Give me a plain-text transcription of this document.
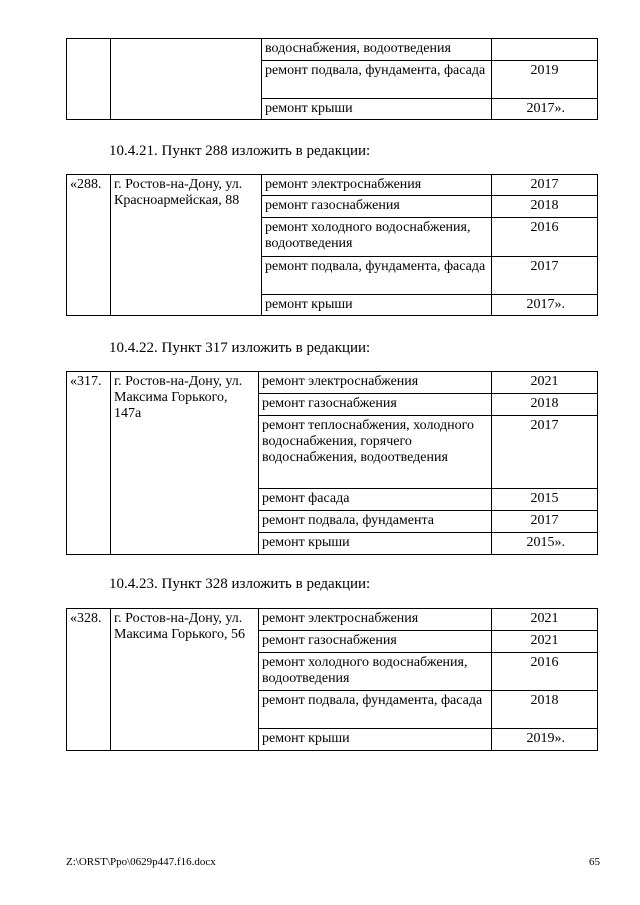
		водоснабжения, водоотведения	
		ремонт подвала, фундамента, фасада	2019
		ремонт крыши	2017».
10.4.21. Пункт 288 изложить в редакции:
«288.	г. Ростов-на-Дону, ул. Красноармейская, 88	ремонт электроснабжения	2017
		ремонт газоснабжения	2018
		ремонт холодного водоснабжения, водоотведения	2016
		ремонт подвала, фундамента, фасада	2017
		ремонт крыши	2017».
10.4.22. Пункт 317 изложить в редакции:
«317.	г. Ростов-на-Дону, ул. Максима Горького, 147а	ремонт электроснабжения	2021
		ремонт газоснабжения	2018
		ремонт теплоснабжения, холодного водоснабжения, горячего водоснабжения, водоотведения	2017
		ремонт фасада	2015
		ремонт подвала, фундамента	2017
		ремонт крыши	2015».
10.4.23. Пункт 328 изложить в редакции:
«328.	г. Ростов-на-Дону, ул. Максима Горького, 56	ремонт электроснабжения	2021
		ремонт газоснабжения	2021
		ремонт холодного водоснабжения, водоотведения	2016
		ремонт подвала, фундамента, фасада	2018
		ремонт крыши	2019».
Z:\ORST\Ppo\0629p447.f16.docx	65
